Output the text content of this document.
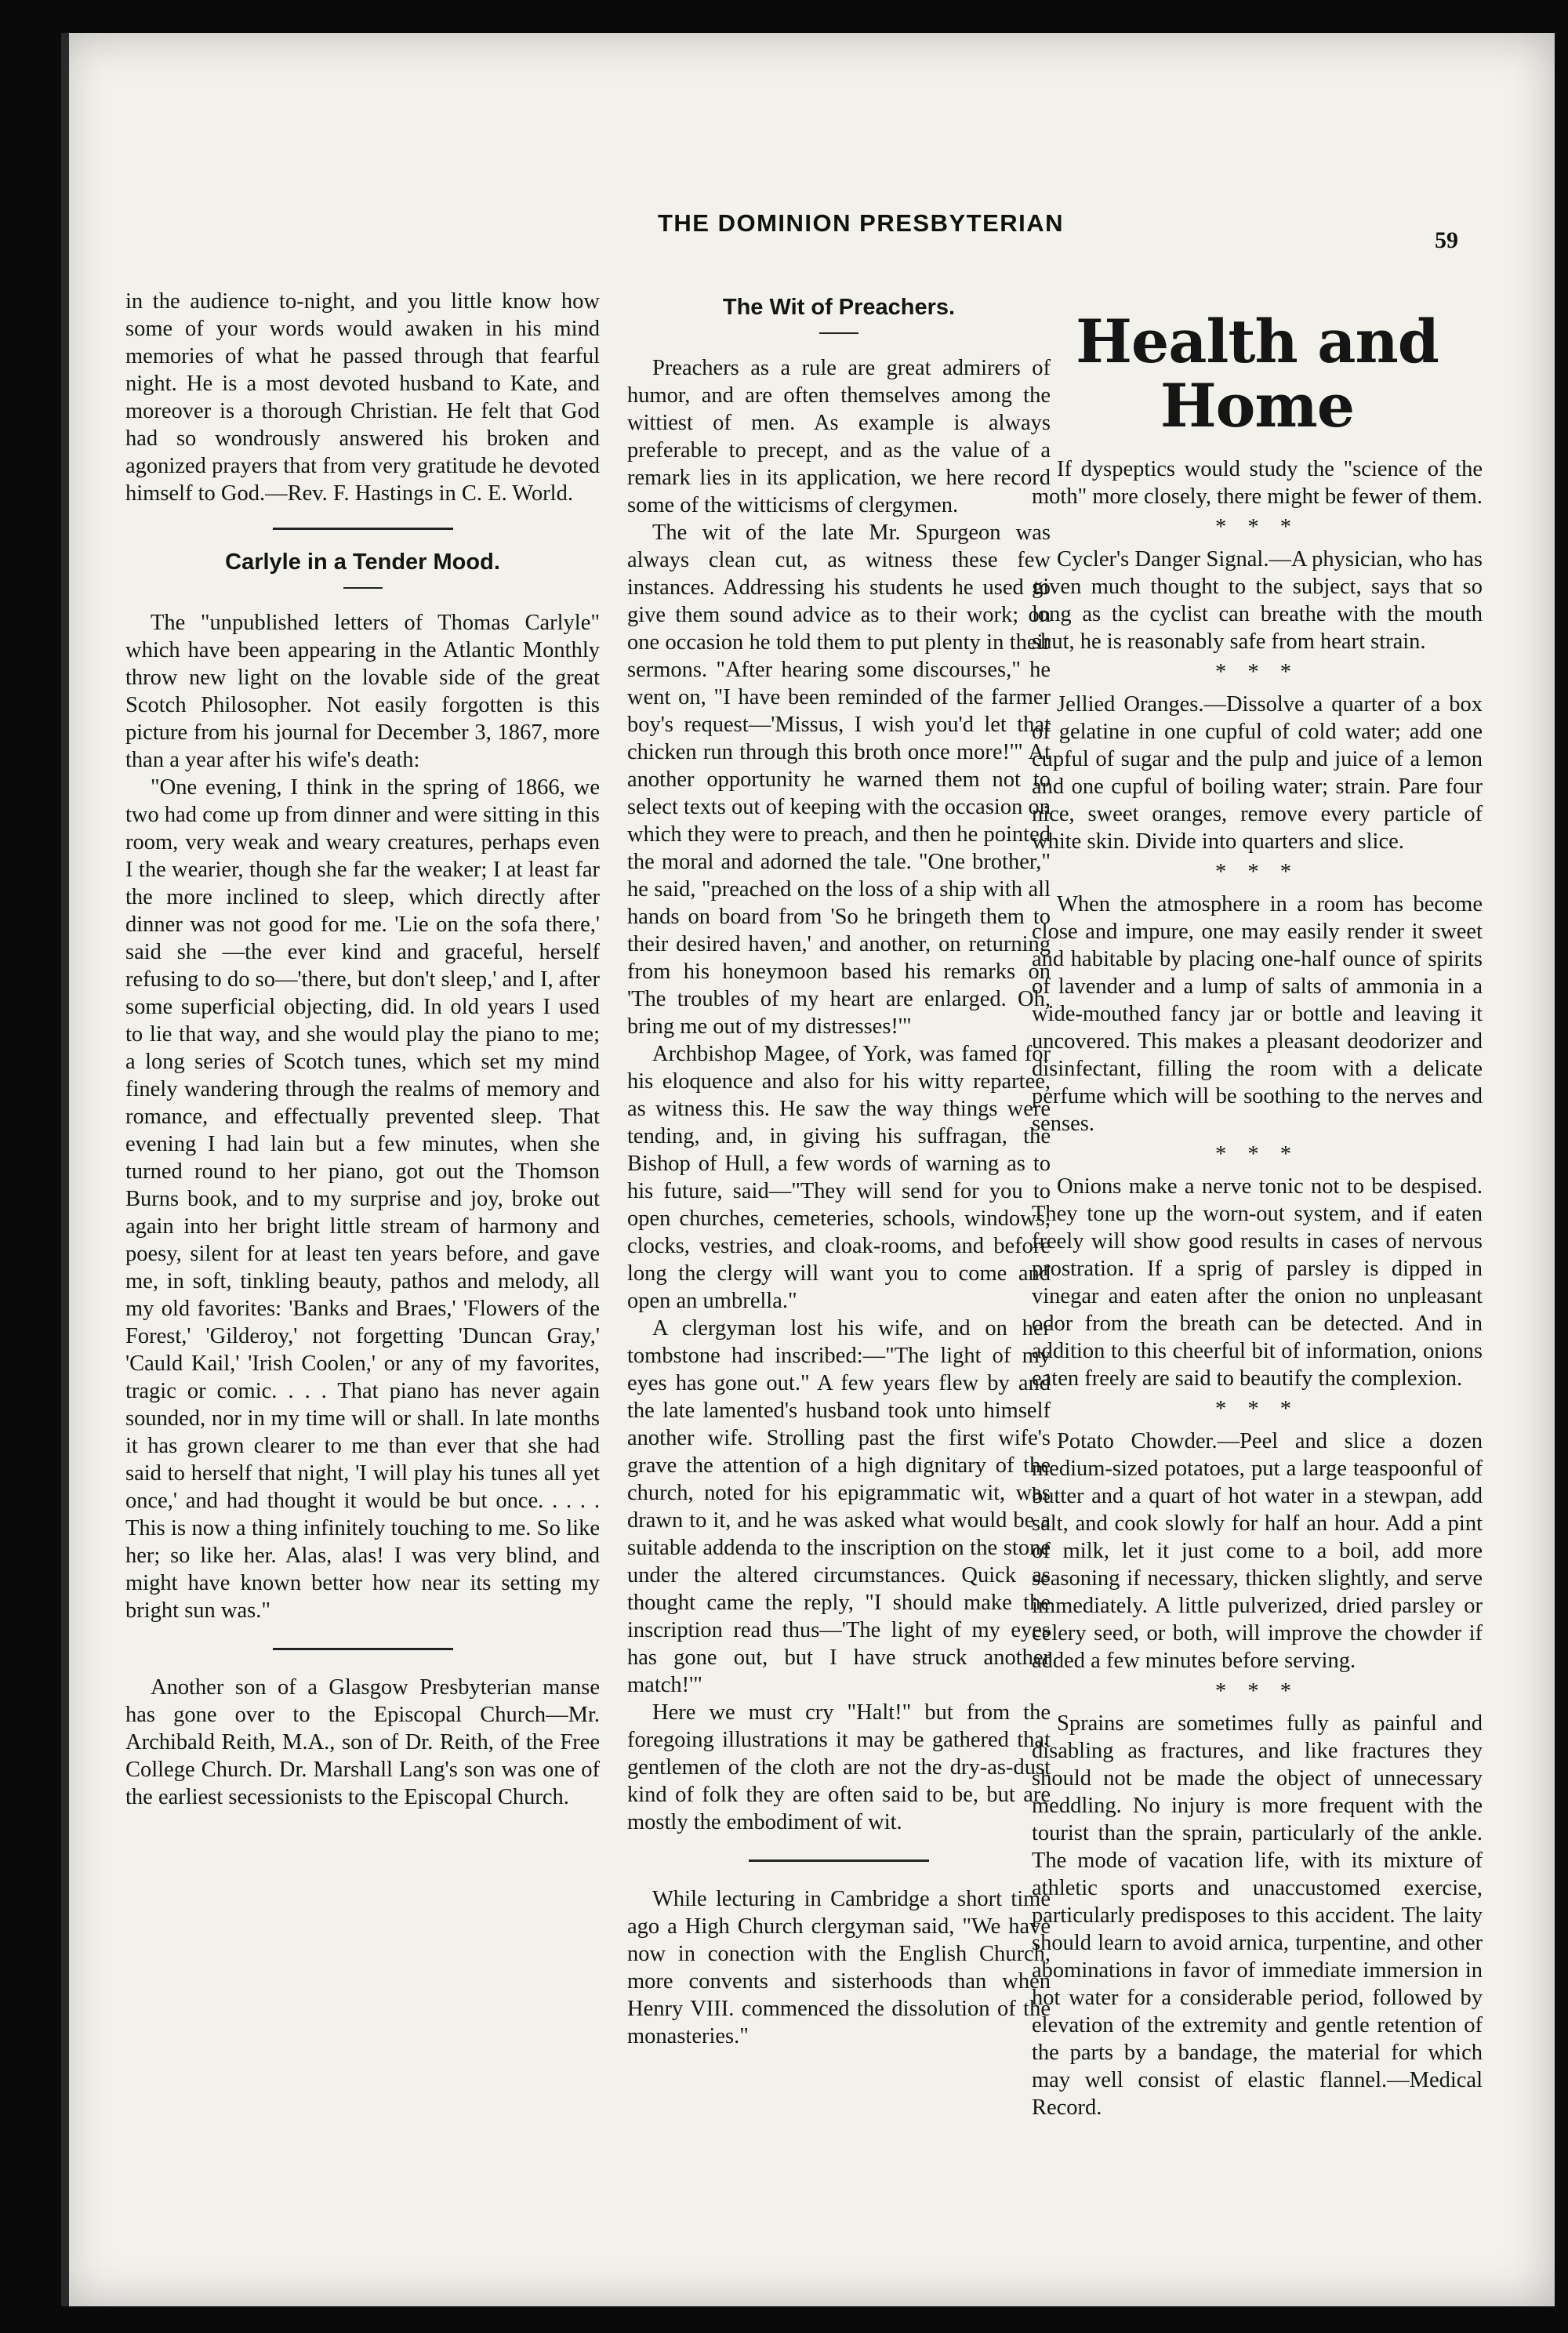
THE DOMINION PRESBYTERIAN
59

in the audience to-night, and you little know how some of your words would awaken in his mind memories of what he passed through that fearful night. He is a most devoted husband to Kate, and moreover is a thorough Christian. He felt that God had so wondrously answered his broken and agonized prayers that from very gratitude he devoted himself to God.—Rev. F. Hastings in C. E. World.

Carlyle in a Tender Mood.

The "unpublished letters of Thomas Carlyle" which have been appearing in the Atlantic Monthly throw new light on the lovable side of the great Scotch Philosopher. Not easily forgotten is this picture from his journal for December 3, 1867, more than a year after his wife's death:

"One evening, I think in the spring of 1866, we two had come up from dinner and were sitting in this room, very weak and weary creatures, perhaps even I the wearier, though she far the weaker; I at least far the more inclined to sleep, which directly after dinner was not good for me. 'Lie on the sofa there,' said she —the ever kind and graceful, herself refusing to do so—'there, but don't sleep,' and I, after some superficial objecting, did. In old years I used to lie that way, and she would play the piano to me; a long series of Scotch tunes, which set my mind finely wandering through the realms of memory and romance, and effectually prevented sleep. That evening I had lain but a few minutes, when she turned round to her piano, got out the Thomson Burns book, and to my surprise and joy, broke out again into her bright little stream of harmony and poesy, silent for at least ten years before, and gave me, in soft, tinkling beauty, pathos and melody, all my old favorites: 'Banks and Braes,' 'Flowers of the Forest,' 'Gilderoy,' not forgetting 'Duncan Gray,' 'Cauld Kail,' 'Irish Coolen,' or any of my favorites, tragic or comic. . . . That piano has never again sounded, nor in my time will or shall. In late months it has grown clearer to me than ever that she had said to herself that night, 'I will play his tunes all yet once,' and had thought it would be but once. . . . . This is now a thing infinitely touching to me. So like her; so like her. Alas, alas! I was very blind, and might have known better how near its setting my bright sun was."

Another son of a Glasgow Presbyterian manse has gone over to the Episcopal Church—Mr. Archibald Reith, M.A., son of Dr. Reith, of the Free College Church. Dr. Marshall Lang's son was one of the earliest secessionists to the Episcopal Church.

The Wit of Preachers.

Preachers as a rule are great admirers of humor, and are often themselves among the wittiest of men. As example is always preferable to precept, and as the value of a remark lies in its application, we here record some of the witticisms of clergymen.

The wit of the late Mr. Spurgeon was always clean cut, as witness these few instances. Addressing his students he used to give them sound advice as to their work; on one occasion he told them to put plenty in their sermons. "After hearing some discourses," he went on, "I have been reminded of the farmer boy's request—'Missus, I wish you'd let that chicken run through this broth once more!'" At another opportunity he warned them not to select texts out of keeping with the occasion on which they were to preach, and then he pointed the moral and adorned the tale. "One brother," he said, "preached on the loss of a ship with all hands on board from 'So he bringeth them to their desired haven,' and another, on returning from his honeymoon based his remarks on 'The troubles of my heart are enlarged. Oh, bring me out of my distresses!'"

Archbishop Magee, of York, was famed for his eloquence and also for his witty repartee, as witness this. He saw the way things were tending, and, in giving his suffragan, the Bishop of Hull, a few words of warning as to his future, said—"They will send for you to open churches, cemeteries, schools, windows, clocks, vestries, and cloak-rooms, and before long the clergy will want you to come and open an umbrella."

A clergyman lost his wife, and on her tombstone had inscribed:—"The light of my eyes has gone out." A few years flew by and the late lamented's husband took unto himself another wife. Strolling past the first wife's grave the attention of a high dignitary of the church, noted for his epigrammatic wit, was drawn to it, and he was asked what would be a suitable addenda to the inscription on the stone under the altered circumstances. Quick as thought came the reply, "I should make the inscription read thus—'The light of my eyes has gone out, but I have struck another match!'"

Here we must cry "Halt!" but from the foregoing illustrations it may be gathered that gentlemen of the cloth are not the dry-as-dust kind of folk they are often said to be, but are mostly the embodiment of wit.

While lecturing in Cambridge a short time ago a High Church clergyman said, "We have now in conection with the English Church, more convents and sisterhoods than when Henry VIII. commenced the dissolution of the monasteries."

Health and Home

If dyspeptics would study the "science of the moth" more closely, there might be fewer of them.

* * *

Cycler's Danger Signal.—A physician, who has given much thought to the subject, says that so long as the cyclist can breathe with the mouth shut, he is reasonably safe from heart strain.

* * *

Jellied Oranges.—Dissolve a quarter of a box of gelatine in one cupful of cold water; add one cupful of sugar and the pulp and juice of a lemon and one cupful of boiling water; strain. Pare four nice, sweet oranges, remove every particle of white skin. Divide into quarters and slice.

* * *

When the atmosphere in a room has become close and impure, one may easily render it sweet and habitable by placing one-half ounce of spirits of lavender and a lump of salts of ammonia in a wide-mouthed fancy jar or bottle and leaving it uncovered. This makes a pleasant deodorizer and disinfectant, filling the room with a delicate perfume which will be soothing to the nerves and senses.

* * *

Onions make a nerve tonic not to be despised. They tone up the worn-out system, and if eaten freely will show good results in cases of nervous prostration. If a sprig of parsley is dipped in vinegar and eaten after the onion no unpleasant odor from the breath can be detected. And in addition to this cheerful bit of information, onions eaten freely are said to beautify the complexion.

* * *

Potato Chowder.—Peel and slice a dozen medium-sized potatoes, put a large teaspoonful of butter and a quart of hot water in a stewpan, add salt, and cook slowly for half an hour. Add a pint of milk, let it just come to a boil, add more seasoning if necessary, thicken slightly, and serve immediately. A little pulverized, dried parsley or celery seed, or both, will improve the chowder if added a few minutes before serving.

* * *

Sprains are sometimes fully as painful and disabling as fractures, and like fractures they should not be made the object of unnecessary meddling. No injury is more frequent with the tourist than the sprain, particularly of the ankle. The mode of vacation life, with its mixture of athletic sports and unaccustomed exercise, particularly predisposes to this accident. The laity should learn to avoid arnica, turpentine, and other abominations in favor of immediate immersion in hot water for a considerable period, followed by elevation of the extremity and gentle retention of the parts by a bandage, the material for which may well consist of elastic flannel.—Medical Record.
